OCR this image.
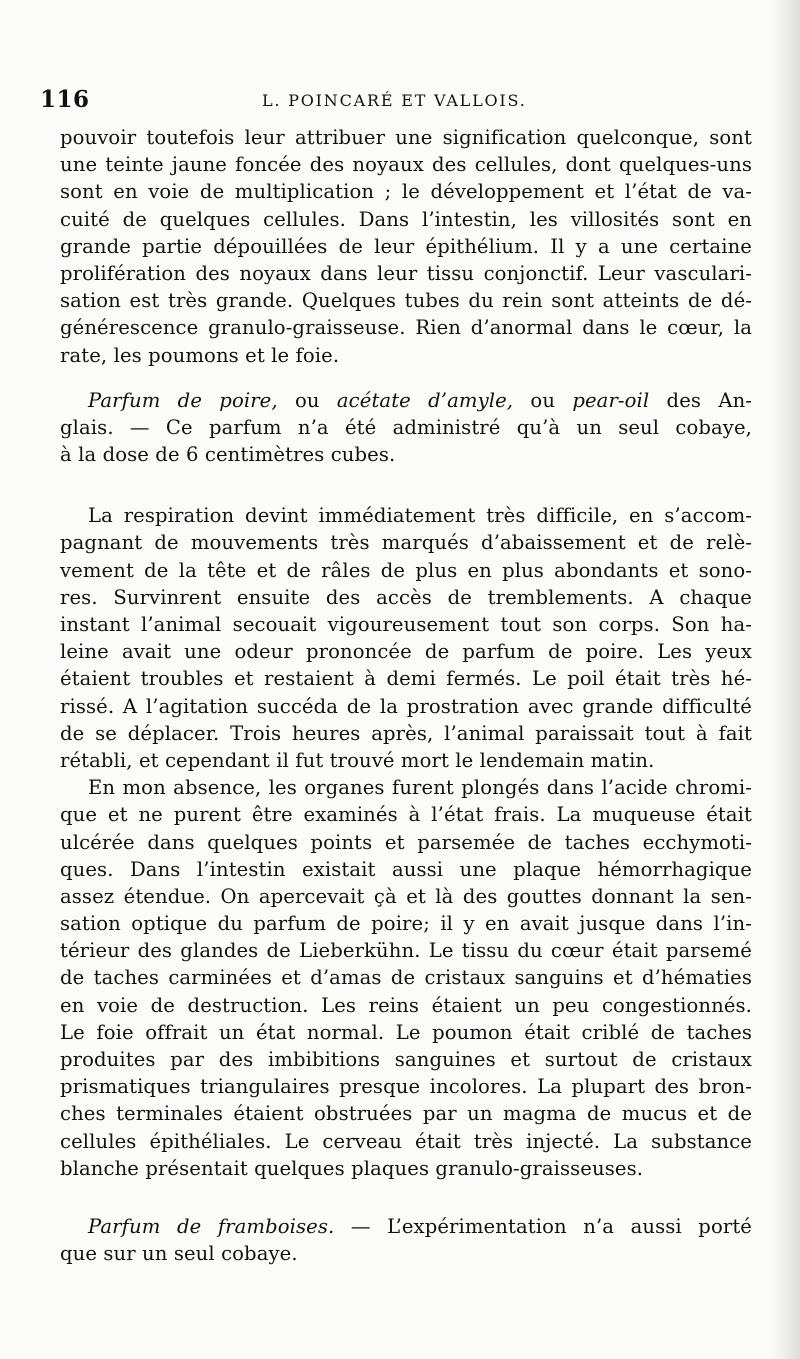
116	L. POINCARÉ ET VALLOIS.
pouvoir toutefois leur attribuer une signification quelconque, sont
une teinte jaune foncée des noyaux des cellules, dont quelques-uns
sont en voie de multiplication ; le développement et l’état de va-
cuité de quelques cellules. Dans l’intestin, les villosités sont en
grande partie dépouillées de leur épithélium. Il y a une certaine
prolifération des noyaux dans leur tissu conjonctif. Leur vasculari-
sation est très grande. Quelques tubes du rein sont atteints de dé-
générescence granulo-graisseuse. Rien d’anormal dans le cœur, la
rate, les poumons et le foie.
Parfum de poire, ou acétate d’amyle, ou pear-oil des An-
glais. — Ce parfum n’a été administré qu’à un seul cobaye,
à la dose de 6 centimètres cubes.
La respiration devint immédiatement très difficile, en s’accom-
pagnant de mouvements très marqués d’abaissement et de relè-
vement de la tête et de râles de plus en plus abondants et sono-
res. Survinrent ensuite des accès de tremblements. A chaque
instant l’animal secouait vigoureusement tout son corps. Son ha-
leine avait une odeur prononcée de parfum de poire. Les yeux
étaient troubles et restaient à demi fermés. Le poil était très hé-
rissé. A l’agitation succéda de la prostration avec grande difficulté
de se déplacer. Trois heures après, l’animal paraissait tout à fait
rétabli, et cependant il fut trouvé mort le lendemain matin.
En mon absence, les organes furent plongés dans l’acide chromi-
que et ne purent être examinés à l’état frais. La muqueuse était
ulcérée dans quelques points et parsemée de taches ecchymoti-
ques. Dans l’intestin existait aussi une plaque hémorrhagique
assez étendue. On apercevait çà et là des gouttes donnant la sen-
sation optique du parfum de poire; il y en avait jusque dans l’in-
térieur des glandes de Lieberkühn. Le tissu du cœur était parsemé
de taches carminées et d’amas de cristaux sanguins et d’hématies
en voie de destruction. Les reins étaient un peu congestionnés.
Le foie offrait un état normal. Le poumon était criblé de taches
produites par des imbibitions sanguines et surtout de cristaux
prismatiques triangulaires presque incolores. La plupart des bron-
ches terminales étaient obstruées par un magma de mucus et de
cellules épithéliales. Le cerveau était très injecté. La substance
blanche présentait quelques plaques granulo-graisseuses.
Parfum de framboises. — L’expérimentation n’a aussi porté
que sur un seul cobaye.
